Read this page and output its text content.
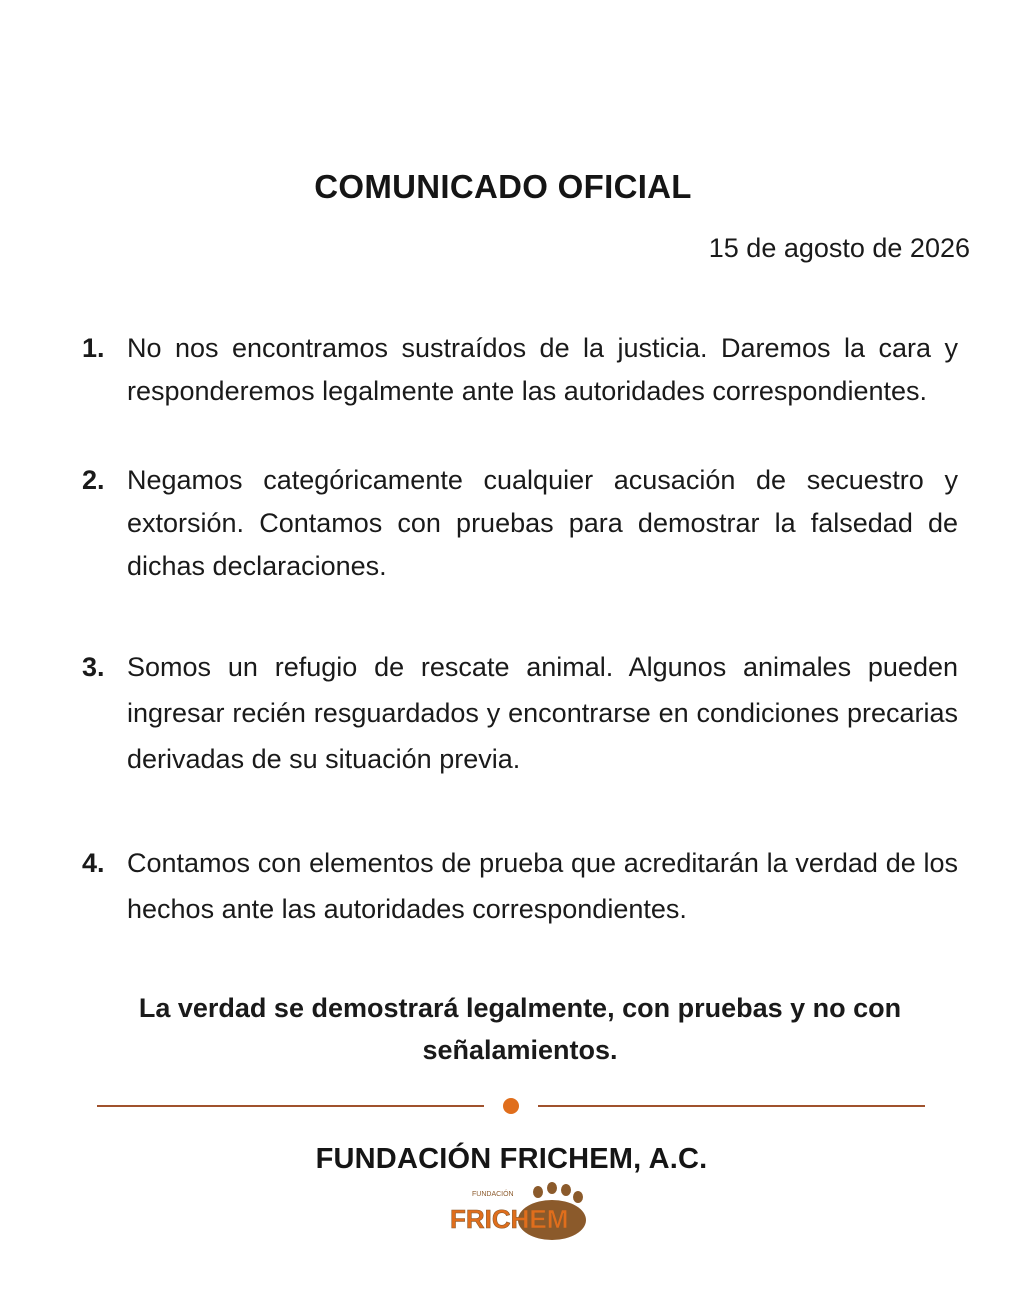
COMUNICADO OFICIAL
15 de agosto de 2026
1. No nos encontramos sustraídos de la justicia. Daremos la cara y responderemos legalmente ante las autoridades correspondientes.
2. Negamos categóricamente cualquier acusación de secuestro y extorsión. Contamos con pruebas para demostrar la falsedad de dichas declaraciones.
3. Somos un refugio de rescate animal. Algunos animales pueden ingresar recién resguardados y encontrarse en condiciones precarias derivadas de su situación previa.
4. Contamos con elementos de prueba que acreditarán la verdad de los hechos ante las autoridades correspondientes.
La verdad se demostrará legalmente, con pruebas y no con señalamientos.
FUNDACIÓN FRICHEM, A.C.
FUNDACIÓN
FRICHEM
